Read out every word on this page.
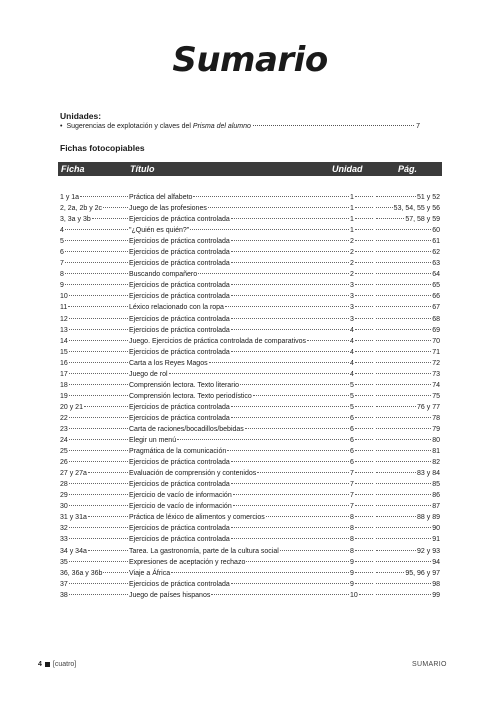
Sumario
Unidades:
• Sugerencias de explotación y claves del Prisma del alumno	7
Fichas fotocopiables
Ficha	Título	Unidad	Pág.
1 y 1a	Práctica del alfabeto	1	51 y 52
2, 2a, 2b y 2c	Juego de las profesiones	1	53, 54, 55 y 56
3, 3a y 3b	Ejercicios de práctica controlada	1	57, 58 y 59
4	"¿Quién es quién?"	1	60
5	Ejercicios de práctica controlada	2	61
6	Ejercicios de práctica controlada	2	62
7	Ejercicios de práctica controlada	2	63
8	Buscando compañero	2	64
9	Ejercicios de práctica controlada	3	65
10	Ejercicios de práctica controlada	3	66
11	Léxico relacionado con la ropa	3	67
12	Ejercicios de práctica controlada	3	68
13	Ejercicios de práctica controlada	4	69
14	Juego. Ejercicios de práctica controlada de comparativos	4	70
15	Ejercicios de práctica controlada	4	71
16	Carta a los Reyes Magos	4	72
17	Juego de rol	4	73
18	Comprensión lectora. Texto literario	5	74
19	Comprensión lectora. Texto periodístico	5	75
20 y 21	Ejercicios de práctica controlada	5	76 y 77
22	Ejercicios de práctica controlada	6	78
23	Carta de raciones/bocadillos/bebidas	6	79
24	Elegir un menú	6	80
25	Pragmática de la comunicación	6	81
26	Ejercicios de práctica controlada	6	82
27 y 27a	Evaluación de comprensión y contenidos	7	83 y 84
28	Ejercicios de práctica controlada	7	85
29	Ejercicio de vacío de información	7	86
30	Ejercicio de vacío de información	7	87
31 y 31a	Práctica de léxico de alimentos y comercios	8	88 y 89
32	Ejercicios de práctica controlada	8	90
33	Ejercicios de práctica controlada	8	91
34 y 34a	Tarea. La gastronomía, parte de la cultura social	8	92 y 93
35	Expresiones de aceptación y rechazo	9	94
36, 36a y 36b	Viaje a África	9	95, 96 y 97
37	Ejercicios de práctica controlada	9	98
38	Juego de países hispanos	10	99
4 [cuatro]	SUMARIO
